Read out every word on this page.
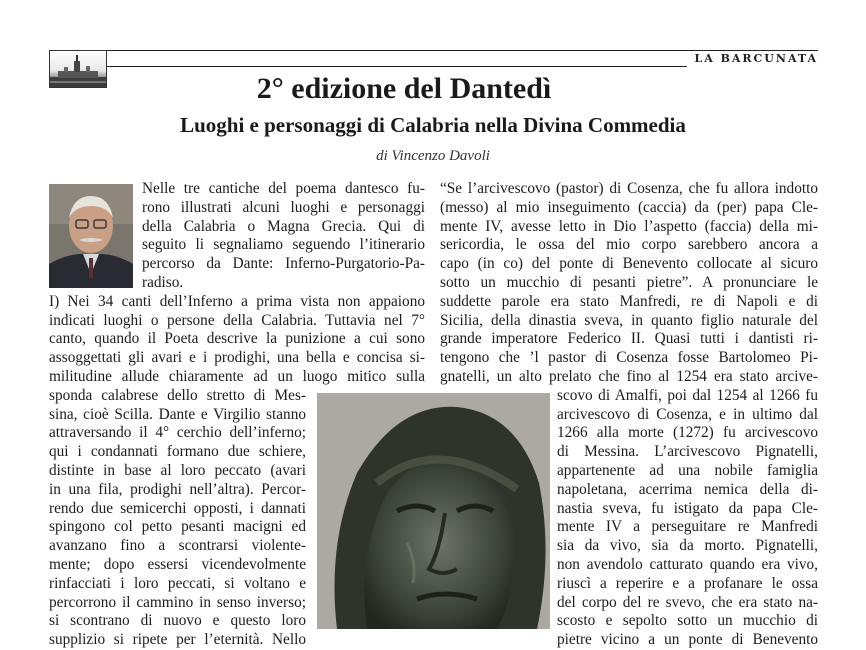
LA BARCUNATA
2° edizione del Dantedì
Luoghi e personaggi di Calabria nella Divina Commedia
di Vincenzo Davoli
Nelle tre cantiche del poema dantesco fu-
rono illustrati alcuni luoghi e personaggi
della Calabria o Magna Grecia. Qui di
seguito li segnaliamo seguendo l’itinerario
percorso da Dante: Inferno-Purgatorio-Pa-
radiso.
I) Nei 34 canti dell’Inferno a prima vista non appaiono
indicati luoghi o persone della Calabria. Tuttavia nel 7°
canto, quando il Poeta descrive la punizione a cui sono
assoggettati gli avari e i prodighi, una bella e concisa si-
militudine allude chiaramente ad un luogo mitico sulla
sponda calabrese dello stretto di Mes-
sina, cioè Scilla. Dante e Virgilio stanno
attraversando il 4° cerchio dell’inferno;
qui i condannati formano due schiere,
distinte in base al loro peccato (avari
in una fila, prodighi nell’altra). Percor-
rendo due semicerchi opposti, i dannati
spingono col petto pesanti macigni ed
avanzano fino a scontrarsi violente-
mente; dopo essersi vicendevolmente
rinfacciati i loro peccati, si voltano e
percorrono il cammino in senso inverso;
si scontrano di nuovo e questo loro
supplizio si ripete per l’eternità. Nello
“Se l’arcivescovo (pastor) di Cosenza, che fu allora indotto
(messo) al mio inseguimento (caccia) da (per) papa Cle-
mente IV, avesse letto in Dio l’aspetto (faccia) della mi-
sericordia, le ossa del mio corpo sarebbero ancora a
capo (in co) del ponte di Benevento collocate al sicuro
sotto un mucchio di pesanti pietre”. A pronunciare le
suddette parole era stato Manfredi, re di Napoli e di
Sicilia, della dinastia sveva, in quanto figlio naturale del
grande imperatore Federico II. Quasi tutti i dantisti ri-
tengono che ’l pastor di Cosenza fosse Bartolomeo Pi-
gnatelli, un alto prelato che fino al 1254 era stato arcive-
scovo di Amalfi, poi dal 1254 al 1266 fu
arcivescovo di Cosenza, e in ultimo dal
1266 alla morte (1272) fu arcivescovo
di Messina. L’arcivescovo Pignatelli,
appartenente ad una nobile famiglia
napoletana, acerrima nemica della di-
nastia sveva, fu istigato da papa Cle-
mente IV a perseguitare re Manfredi
sia da vivo, sia da morto. Pignatelli,
non avendolo catturato quando era vivo,
riuscì a reperire e a profanare le ossa
del corpo del re svevo, che era stato na-
scosto e sepolto sotto un mucchio di
pietre vicino a un ponte di Benevento
